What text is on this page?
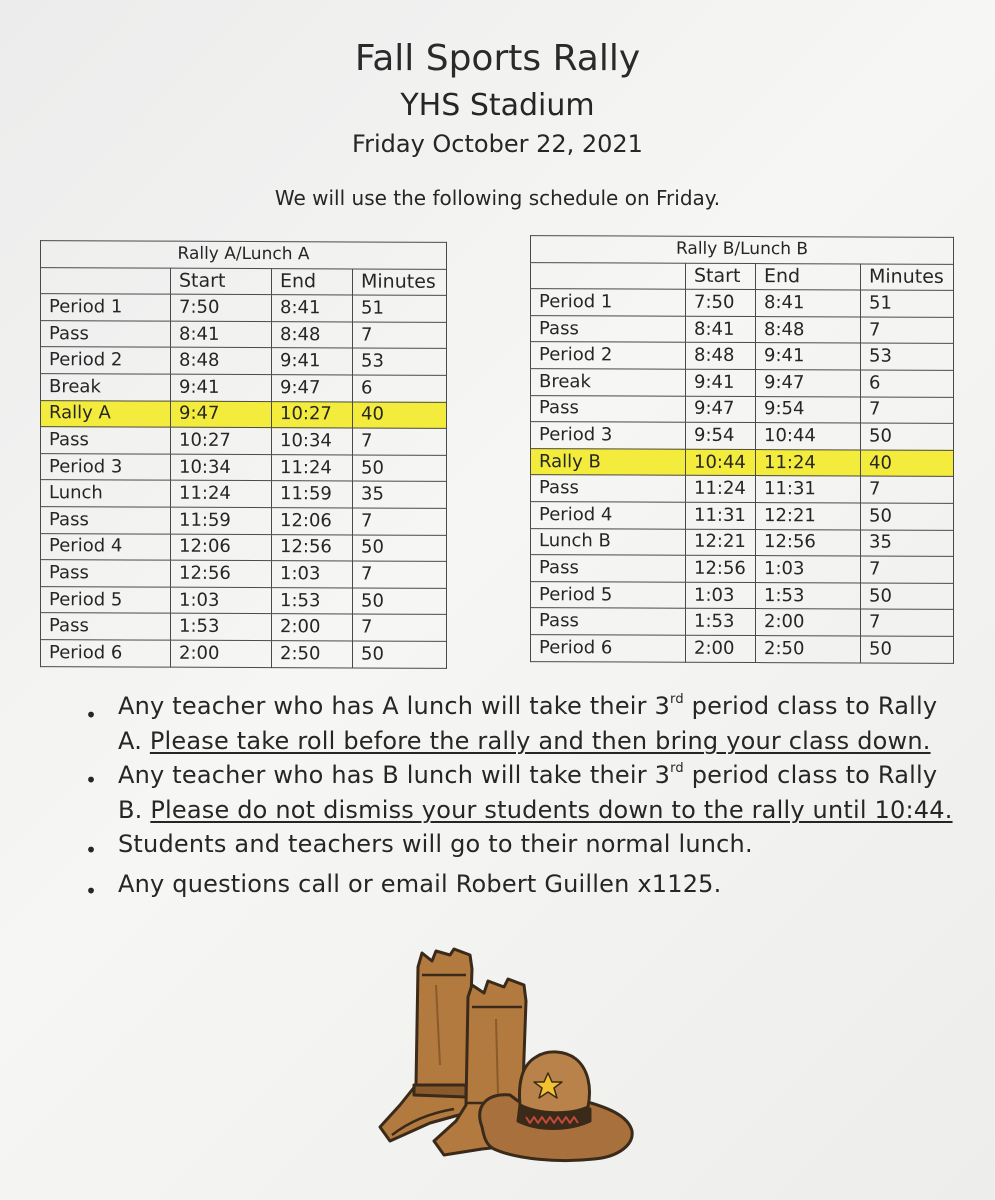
Fall Sports Rally
YHS Stadium
Friday October 22, 2021
We will use the following schedule on Friday.
Rally A/Lunch A			
	Start	End	Minutes
Period 1	7:50	8:41	51
Pass	8:41	8:48	7
Period 2	8:48	9:41	53
Break	9:41	9:47	6
Rally A	9:47	10:27	40
Pass	10:27	10:34	7
Period 3	10:34	11:24	50
Lunch	11:24	11:59	35
Pass	11:59	12:06	7
Period 4	12:06	12:56	50
Pass	12:56	1:03	7
Period 5	1:03	1:53	50
Pass	1:53	2:00	7
Period 6	2:00	2:50	50
Rally B/Lunch B			
	Start	End	Minutes
Period 1	7:50	8:41	51
Pass	8:41	8:48	7
Period 2	8:48	9:41	53
Break	9:41	9:47	6
Pass	9:47	9:54	7
Period 3	9:54	10:44	50
Rally B	10:44	11:24	40
Pass	11:24	11:31	7
Period 4	11:31	12:21	50
Lunch B	12:21	12:56	35
Pass	12:56	1:03	7
Period 5	1:03	1:53	50
Pass	1:53	2:00	7
Period 6	2:00	2:50	50
• Any teacher who has A lunch will take their 3rd period class to Rally
A. Please take roll before the rally and then bring your class down.
• Any teacher who has B lunch will take their 3rd period class to Rally
B. Please do not dismiss your students down to the rally until 10:44.
• Students and teachers will go to their normal lunch.
• Any questions call or email Robert Guillen x1125.
